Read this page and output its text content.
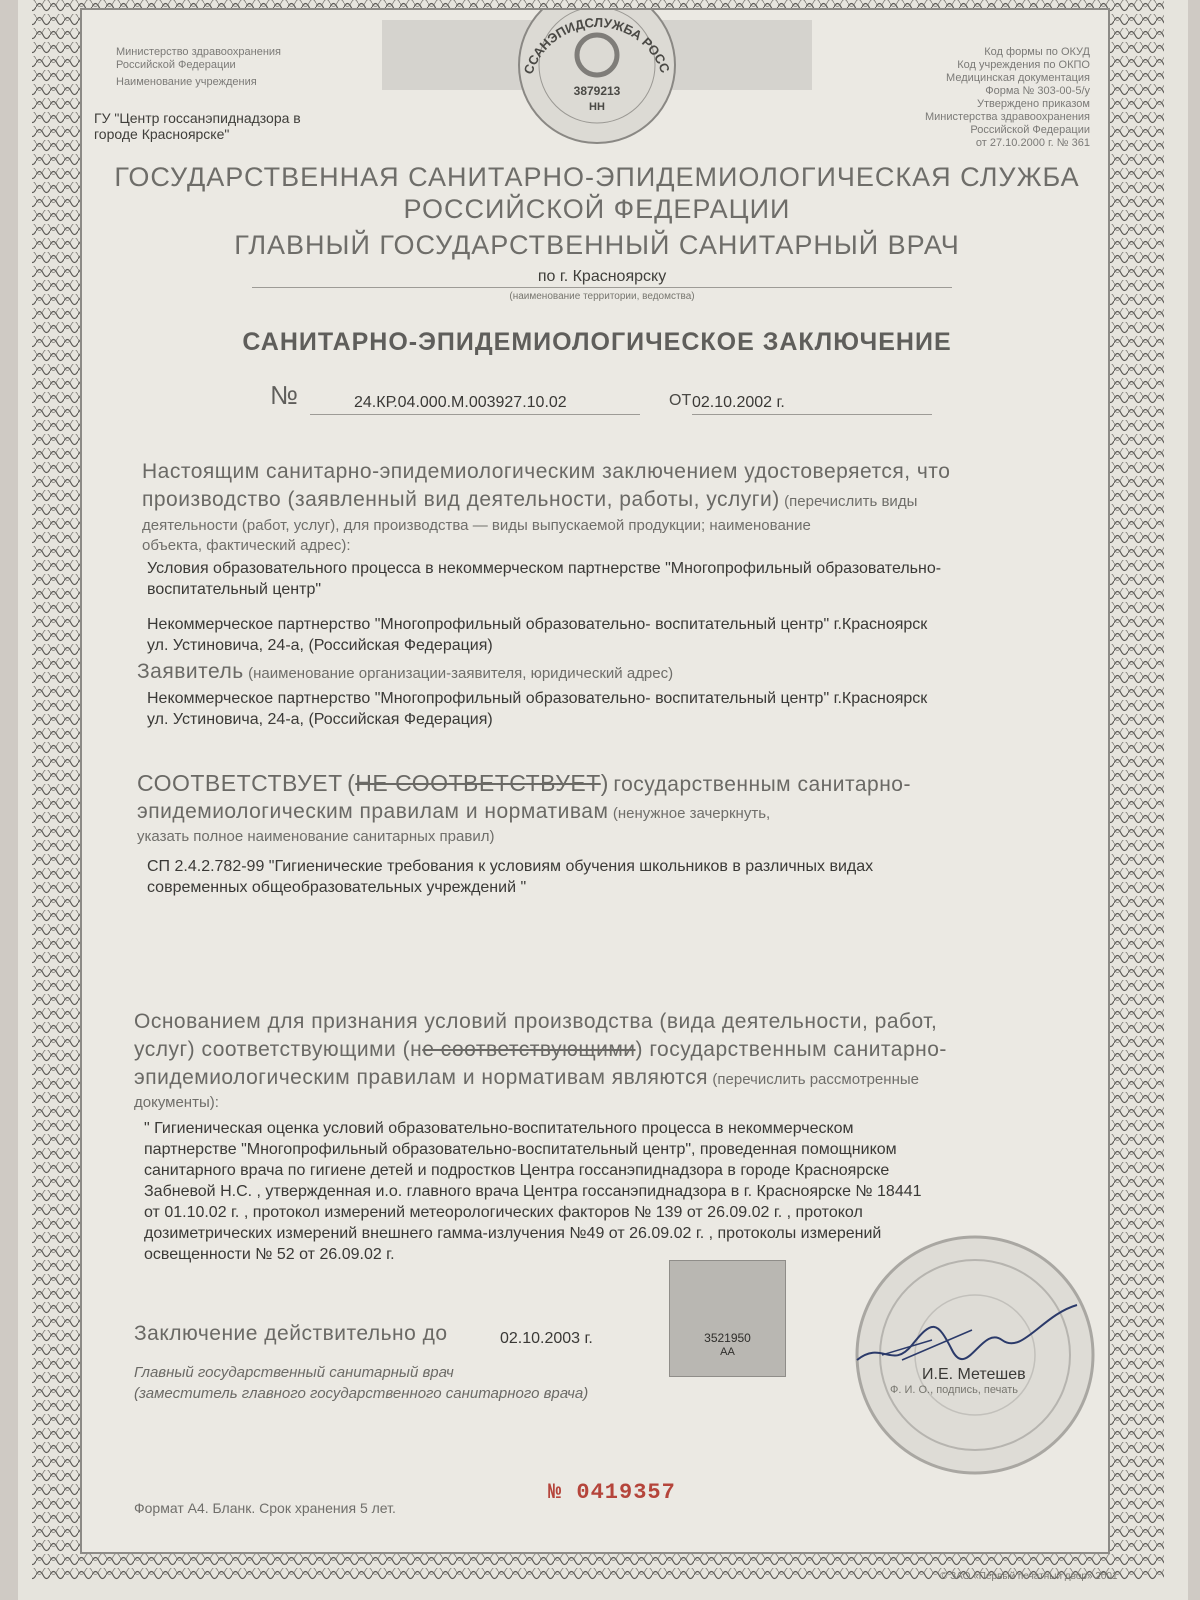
Министерство здравоохранения
Российской Федерации
Наименование учреждения
ГУ "Центр госсанэпиднадзора в
городе Красноярске"
3879213
НН
ССАНЭПИДСЛУЖБА РОСС
Код формы по ОКУД
Код учреждения по ОКПО
Медицинская документация
Форма № 303-00-5/у
Утверждено приказом
Министерства здравоохранения
Российской Федерации
от 27.10.2000 г. № 361
ГОСУДАРСТВЕННАЯ САНИТАРНО-ЭПИДЕМИОЛОГИЧЕСКАЯ СЛУЖБА
РОССИЙСКОЙ ФЕДЕРАЦИИ
ГЛАВНЫЙ ГОСУДАРСТВЕННЫЙ САНИТАРНЫЙ ВРАЧ
по г. Красноярску
(наименование территории, ведомства)
САНИТАРНО-ЭПИДЕМИОЛОГИЧЕСКОЕ ЗАКЛЮЧЕНИЕ
№	24.КР.04.000.М.003927.10.02	ОТ 02.10.2002 г.
Настоящим санитарно-эпидемиологическим заключением удостоверяется, что
производство (заявленный вид деятельности, работы, услуги) (перечислить виды
деятельности (работ, услуг), для производства — виды выпускаемой продукции; наименование
объекта, фактический адрес):
Условия образовательного процесса в некоммерческом партнерстве "Многопрофильный образовательно-
воспитательный центр"
Некоммерческое партнерство "Многопрофильный образовательно- воспитательный центр" г.Красноярск
ул. Устиновича, 24-а, (Российская Федерация)
Заявитель (наименование организации-заявителя, юридический адрес)
Некоммерческое партнерство "Многопрофильный образовательно- воспитательный центр" г.Красноярск
ул. Устиновича, 24-а, (Российская Федерация)
СООТВЕТСТВУЕТ (НЕ СООТВЕТСТВУЕТ) государственным санитарно-
эпидемиологическим правилам и нормативам (ненужное зачеркнуть,
указать полное наименование санитарных правил)
СП 2.4.2.782-99 "Гигиенические требования к условиям обучения школьников в различных видах
современных общеобразовательных учреждений "
Основанием для признания условий производства (вида деятельности, работ,
услуг) соответствующими (не соответствующими) государственным санитарно-
эпидемиологическим правилам и нормативам являются (перечислить рассмотренные
документы):
" Гигиеническая оценка условий образовательно-воспитательного процесса в некоммерческом
партнерстве "Многопрофильный образовательно-воспитательный центр", проведенная помощником
санитарного врача по гигиене детей и подростков Центра госсанэпиднадзора в городе Красноярске
Забневой Н.С. , утвержденная и.о. главного врача Центра госсанэпиднадзора в г. Красноярске № 18441
от 01.10.02 г. , протокол измерений метеорологических факторов № 139 от 26.09.02 г. , протокол
дозиметрических измерений внешнего гамма-излучения №49 от 26.09.02 г. , протоколы измерений
освещенности № 52 от 26.09.02 г.
Заключение действительно до	02.10.2003 г.	3521950
АА
Главный государственный санитарный врач
(заместитель главного государственного санитарного врача)
И.Е. Метешев
Ф. И. О., подпись, печать
Формат А4. Бланк. Срок хранения 5 лет.
№ 0419357
© ЗАО «Первый печатный двор» 2001
